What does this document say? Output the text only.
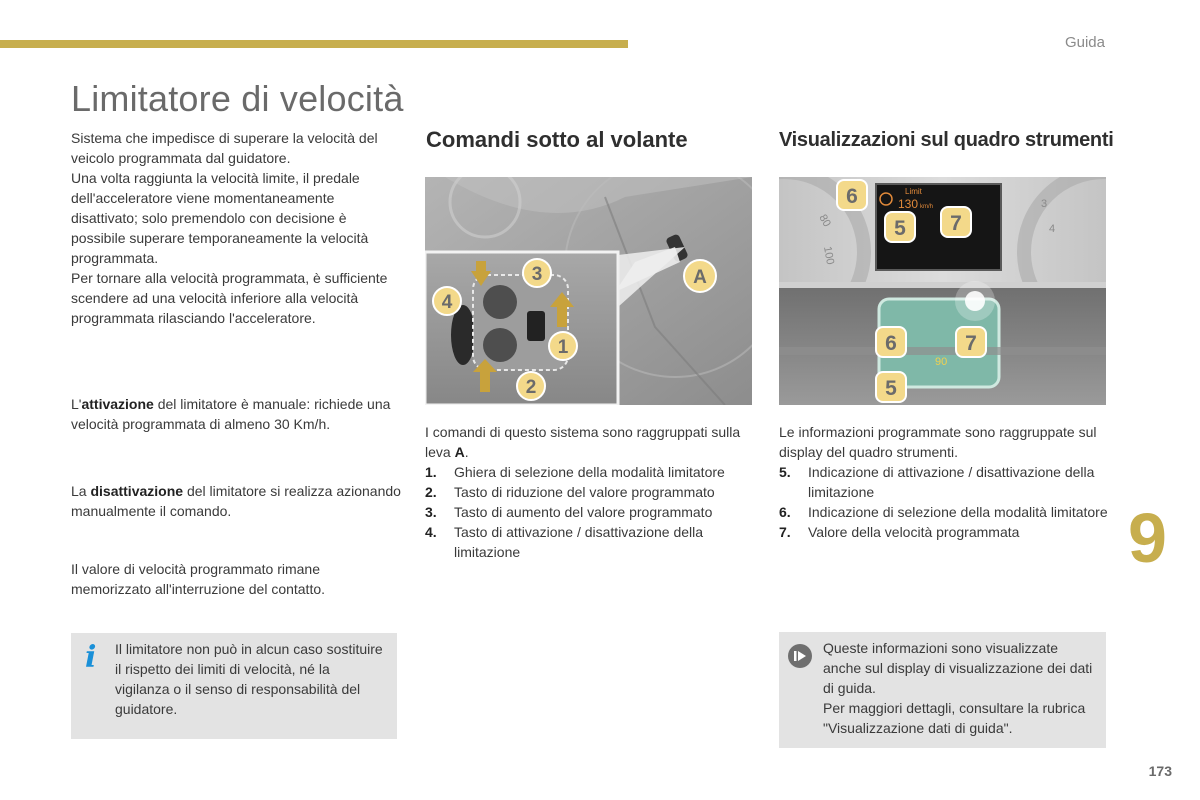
Guida
Limitatore di velocità

Sistema che impedisce di superare la velocità del veicolo programmata dal guidatore.

Una volta raggiunta la velocità limite, il predale dell'acceleratore viene momentaneamente disattivato; solo premendolo con decisione è possibile superare temporaneamente la velocità programmata.

Per tornare alla velocità programmata, è sufficiente scendere ad una velocità inferiore alla velocità programmata rilasciando l'acceleratore.

L'attivazione del limitatore è manuale: richiede una velocità programmata di almeno 30 Km/h.

La disattivazione del limitatore si realizza azionando manualmente il comando.

Il valore di velocità programmato rimane memorizzato all'interruzione del contatto.

i Il limitatore non può in alcun caso sostituire il rispetto dei limiti di velocità, né la vigilanza o il senso di responsabilità del guidatore.
Comandi sotto al volante
A
1
2
3
4

I comandi di questo sistema sono raggruppati sulla leva A.

1. Ghiera di selezione della modalità limitatore
2. Tasto di riduzione del valore programmato
3. Tasto di aumento del valore programmato
4. Tasto di attivazione / disattivazione della limitazione
Visualizzazioni sul quadro strumenti
80
100
3
4
Limit
130 km/h
90
6
5 7
6	7
5

Le informazioni programmate sono raggruppate sul display del quadro strumenti.

5. Indicazione di attivazione / disattivazione della limitazione
6. Indicazione di selezione della modalità limitatore
7. Valore della velocità programmata	9

Queste informazioni sono visualizzate anche sul display di visualizzazione dei dati di guida.

Per maggiori dettagli, consultare la rubrica "Visualizzazione dati di guida".

173
